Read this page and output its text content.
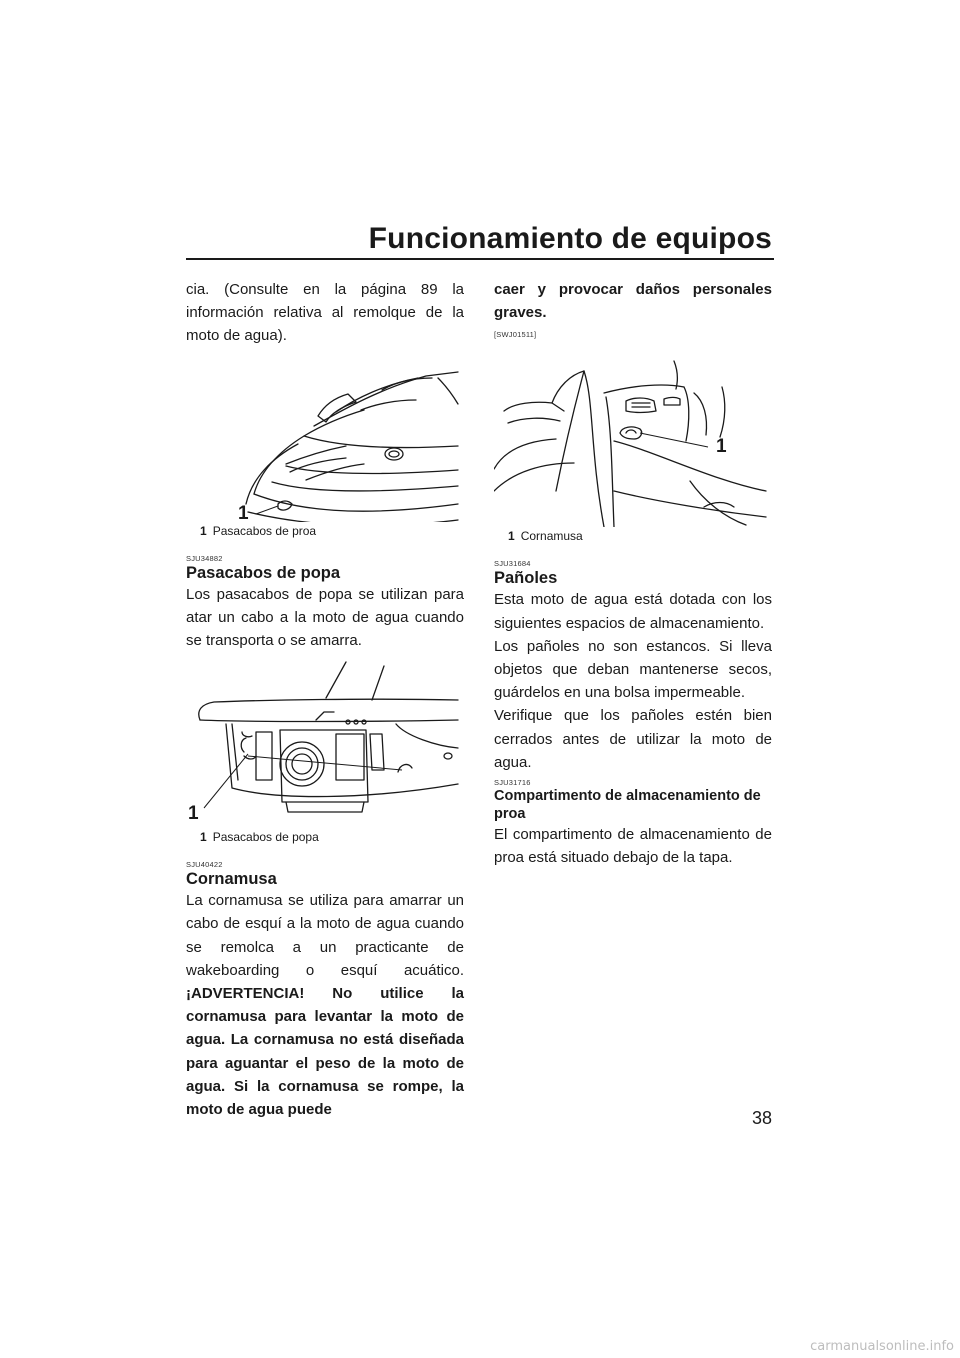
Funcionamiento de equipos

cia. (Consulte en la página 89 la información relativa al remolque de la moto de agua).

1
1 Pasacabos de proa
SJU34882
Pasacabos de popa

Los pasacabos de popa se utilizan para atar un cabo a la moto de agua cuando se transporta o se amarra.

1
1 Pasacabos de popa
SJU40422
Cornamusa

La cornamusa se utiliza para amarrar un cabo de esquí a la moto de agua cuando se remolca a un practicante de wakeboarding o esquí acuático. ¡ADVERTENCIA! No utilice la cornamusa para levantar la moto de agua. La cornamusa no está diseñada para aguantar el peso de la moto de agua. Si la cornamusa se rompe, la moto de agua puede

caer y provocar daños personales graves.

[SWJ01511]
1
1 Cornamusa
SJU31684
Pañoles

Esta moto de agua está dotada con los siguientes espacios de almacenamiento.

Los pañoles no son estancos. Si lleva objetos que deban mantenerse secos, guárdelos en una bolsa impermeable.

Verifique que los pañoles estén bien cerrados antes de utilizar la moto de agua.

SJU31716
Compartimento de almacenamiento de proa

El compartimento de almacenamiento de proa está situado debajo de la tapa.

38
carmanualsonline.info
